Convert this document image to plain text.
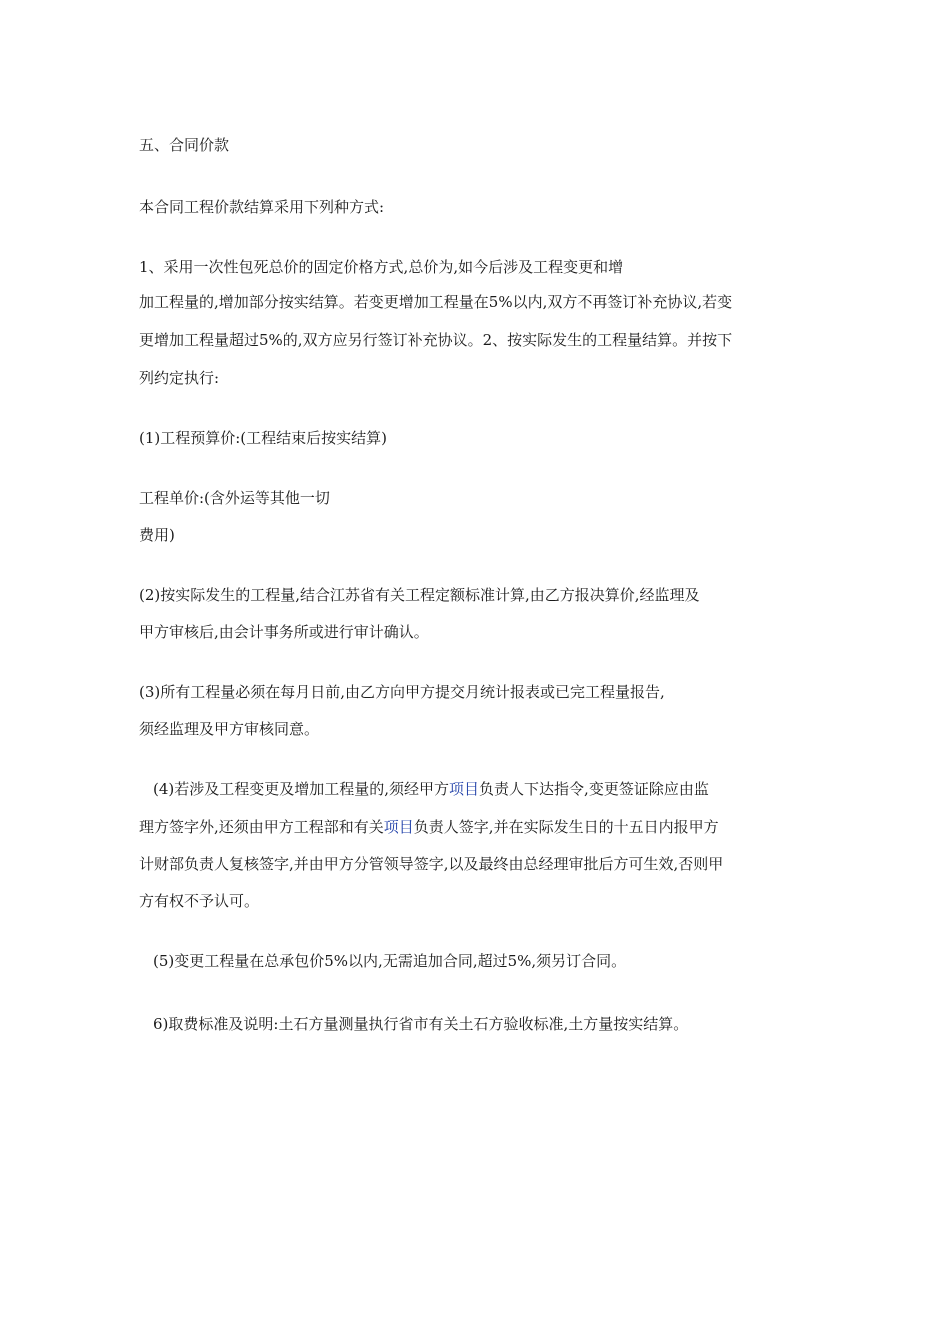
五、合同价款
本合同工程价款结算采用下列种方式:
1、采用一次性包死总价的固定价格方式,总价为,如今后涉及工程变更和增
加工程量的,增加部分按实结算。若变更增加工程量在5%以内,双方不再签订补充协议,若变
更增加工程量超过5%的,双方应另行签订补充协议。2、按实际发生的工程量结算。并按下
列约定执行:
(1)工程预算价:(工程结束后按实结算)
工程单价:(含外运等其他一切
费用)
(2)按实际发生的工程量,结合江苏省有关工程定额标准计算,由乙方报决算价,经监理及
甲方审核后,由会计事务所或进行审计确认。
(3)所有工程量必须在每月日前,由乙方向甲方提交月统计报表或已完工程量报告,
须经监理及甲方审核同意。
(4)若涉及工程变更及增加工程量的,须经甲方项目负责人下达指令,变更签证除应由监
理方签字外,还须由甲方工程部和有关项目负责人签字,并在实际发生日的十五日内报甲方
计财部负责人复核签字,并由甲方分管领导签字,以及最终由总经理审批后方可生效,否则甲
方有权不予认可。
(5)变更工程量在总承包价5%以内,无需追加合同,超过5%,须另订合同。
6)取费标准及说明:土石方量测量执行省市有关土石方验收标准,土方量按实结算。
